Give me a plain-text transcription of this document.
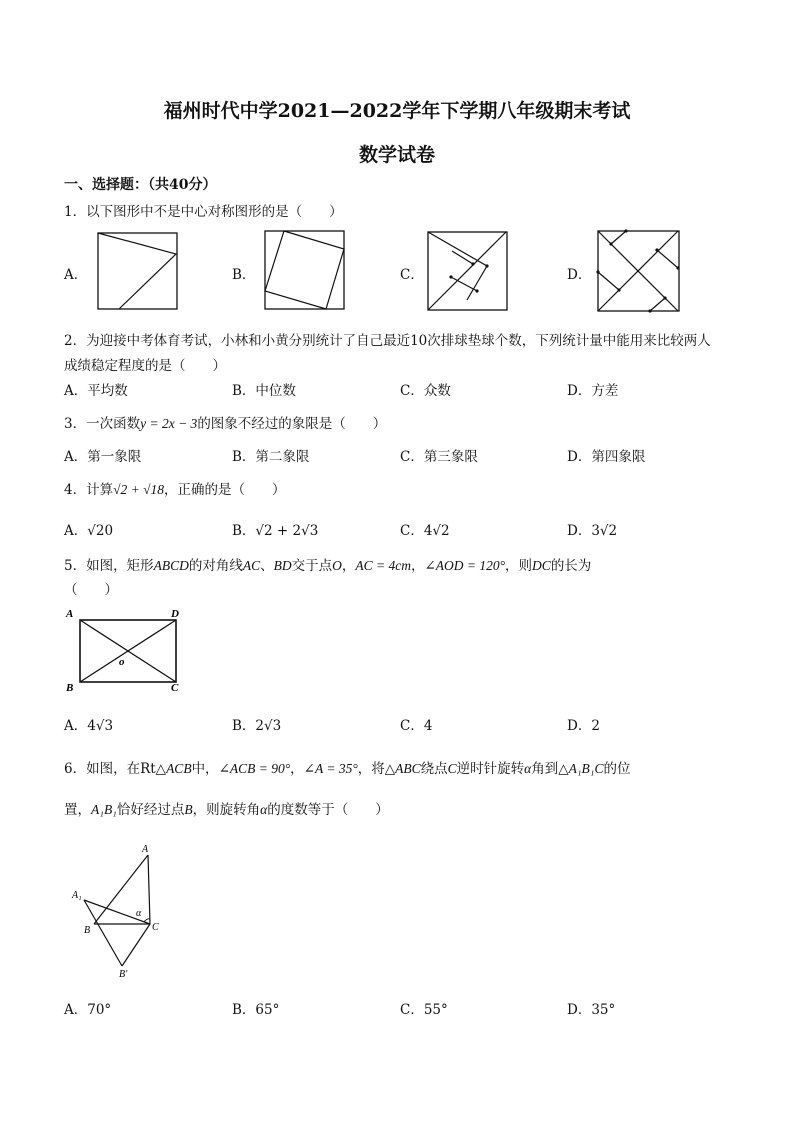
福州时代中学2021—2022学年下学期八年级期末考试
数学试卷
一、选择题：（共40分）
1．以下图形中不是中心对称图形的是（　　）
A．	B．	C．	D．
2．为迎接中考体育考试，小林和小黄分别统计了自己最近10次排球垫球个数，下列统计量中能用来比较两人
成绩稳定程度的是（　　）
A．平均数	B．中位数	C．众数	D．方差
3．一次函数y = 2x − 3的图象不经过的象限是（　　）
A．第一象限	B．第二象限	C．第三象限	D．第四象限
4．计算√2 + √18，正确的是（　　）
A．√20	B．√2 + 2√3	C．4√2	D．3√2
5．如图，矩形ABCD的对角线AC、BD交于点O，AC = 4cm，∠AOD = 120°，则DC的长为
（　　）
A	D
B	C
o
A．4√3	B．2√3	C．4	D．2
6．如图，在Rt△ACB中，∠ACB = 90°，∠A = 35°，将△ABC绕点C逆时针旋转α角到△A₁B₁C的位
置，A₁B₁恰好经过点B，则旋转角α的度数等于（　　）
A
A₁
B	C
B'
α
A．70°	B．65°	C．55°	D．35°
